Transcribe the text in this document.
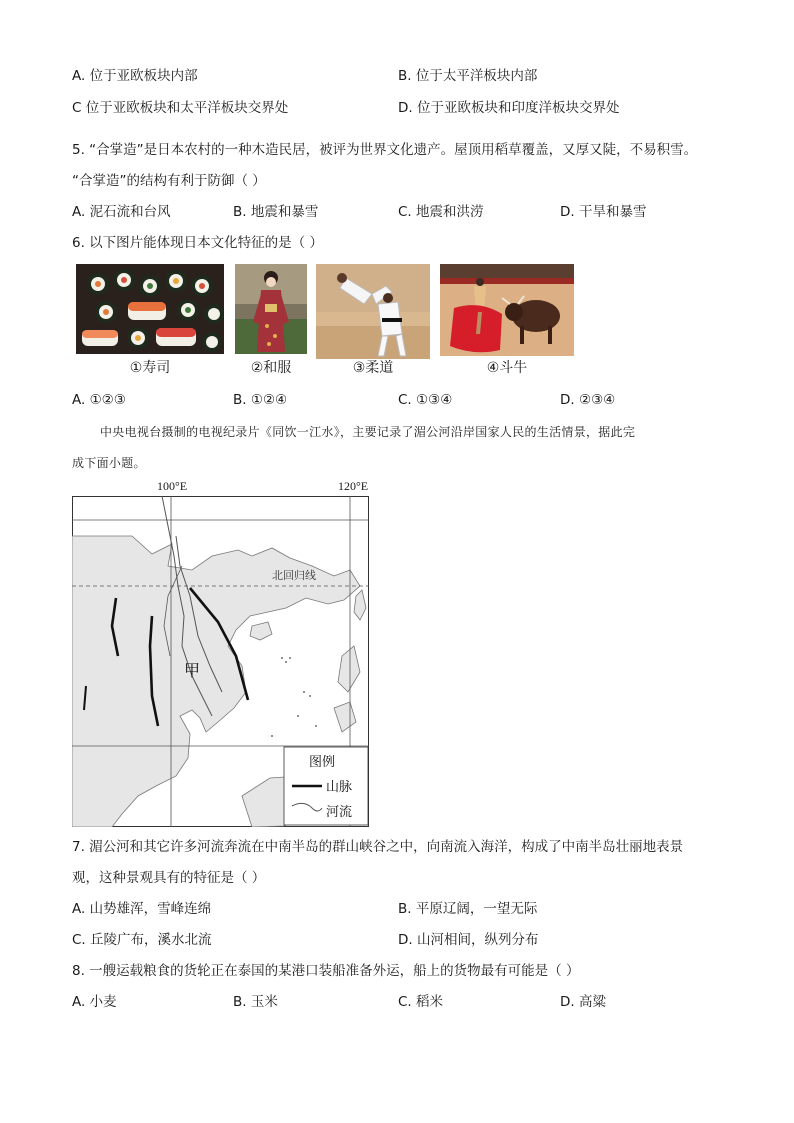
A. 位于亚欧板块内部	B. 位于太平洋板块内部
C 位于亚欧板块和太平洋板块交界处	D. 位于亚欧板块和印度洋板块交界处
5. “合掌造”是日本农村的一种木造民居，被评为世界文化遗产。屋顶用稻草覆盖，又厚又陡，不易积雪。
“合掌造”的结构有利于防御（ ）
A. 泥石流和台风	B. 地震和暴雪	C. 地震和洪涝	D. 干旱和暴雪
6. 以下图片能体现日本文化特征的是（ ）
①寿司	②和服	③柔道	④斗牛
A. ①②③	B. ①②④	C. ①③④	D. ②③④
中央电视台摄制的电视纪录片《同饮一江水》，主要记录了湄公河沿岸国家人民的生活情景，据此完
成下面小题。
100°E	120°E
甲
北回归线
图例
山脉
河流
7. 湄公河和其它许多河流奔流在中南半岛的群山峡谷之中，向南流入海洋，构成了中南半岛壮丽地表景
观，这种景观具有的特征是（ ）
A. 山势雄浑，雪峰连绵	B. 平原辽阔，一望无际
C. 丘陵广布，溪水北流	D. 山河相间，纵列分布
8. 一艘运载粮食的货轮正在泰国的某港口装船准备外运，船上的货物最有可能是（ ）
A. 小麦	B. 玉米	C. 稻米	D. 高粱
